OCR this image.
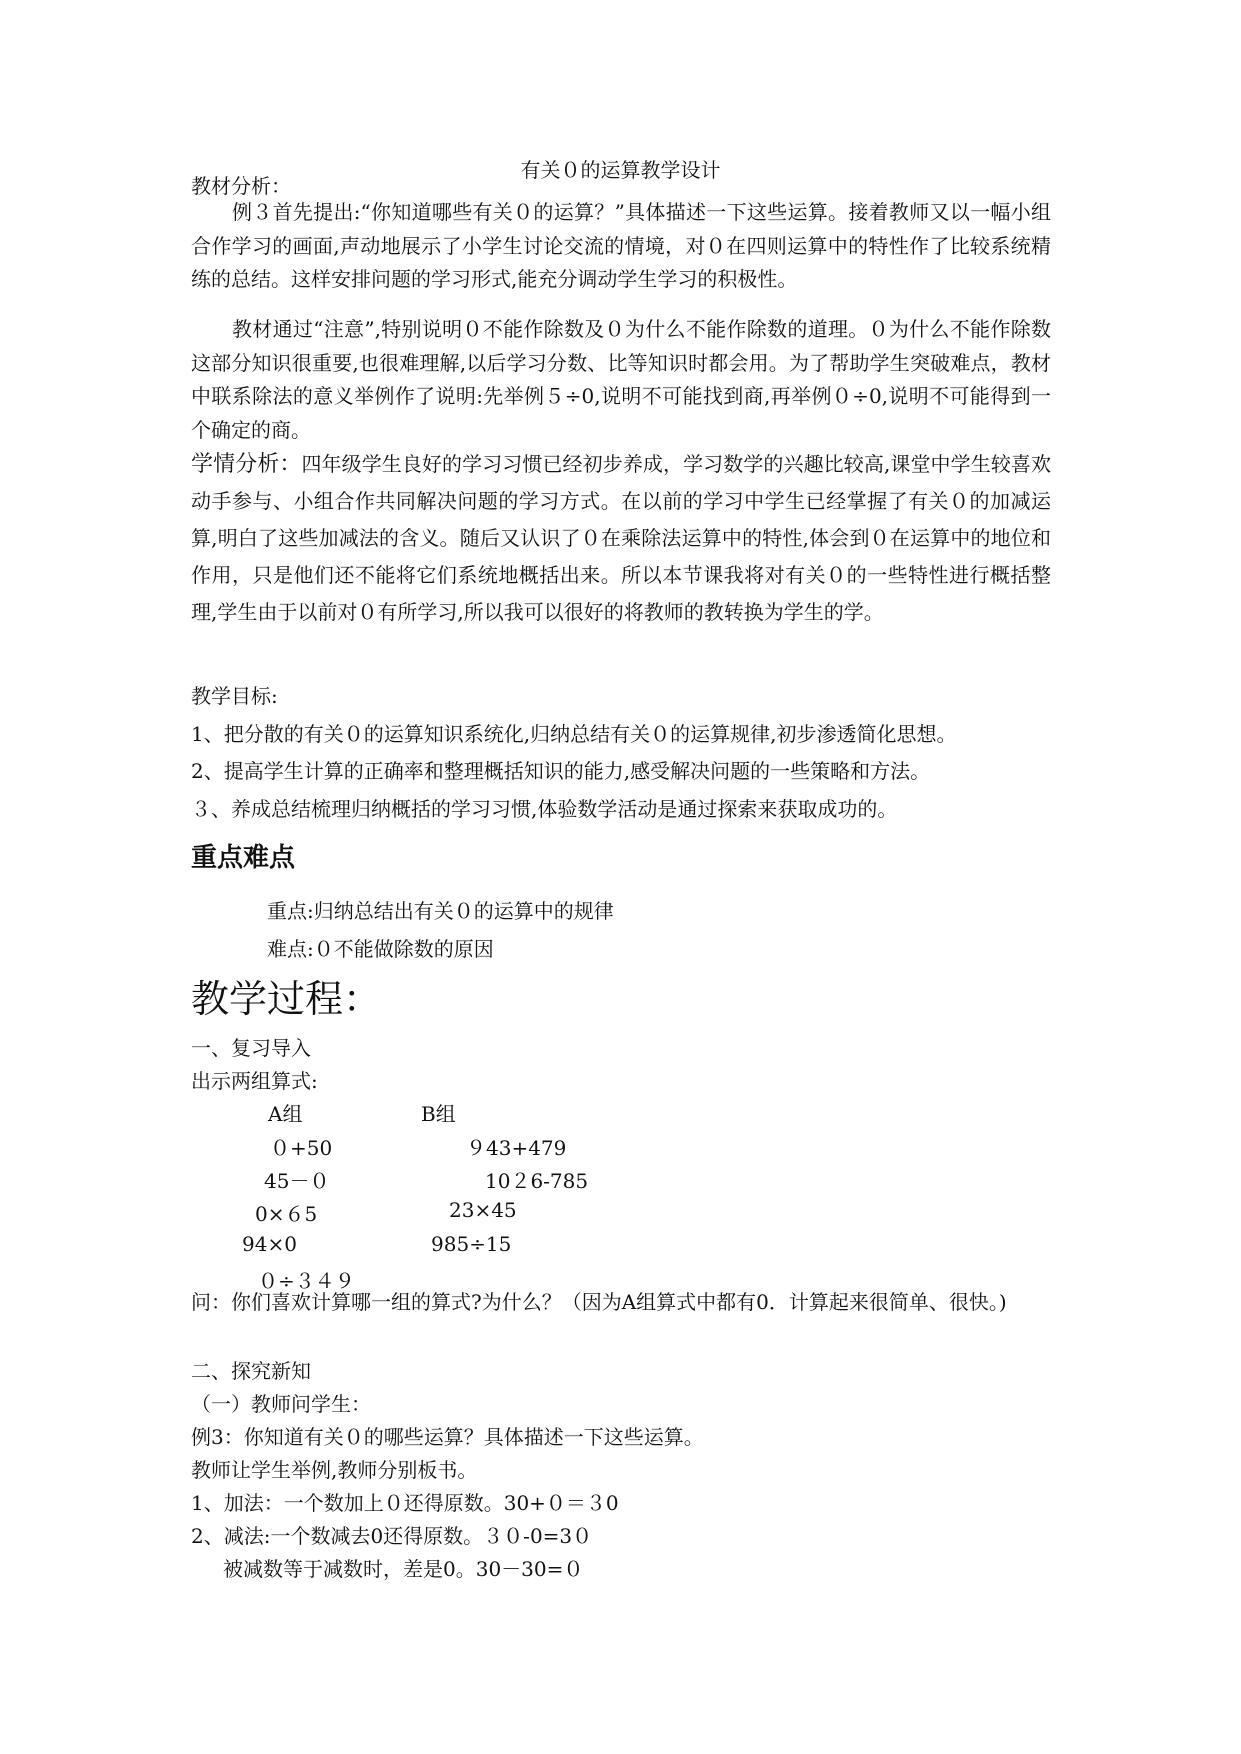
有关０的运算教学设计
教材分析：
例３首先提出:“你知道哪些有关０的运算？”具体描述一下这些运算。接着教师又以一幅小组合作学习的画面,声动地展示了小学生讨论交流的情境，对０在四则运算中的特性作了比较系统精练的总结。这样安排问题的学习形式,能充分调动学生学习的积极性。
教材通过“注意”,特别说明０不能作除数及０为什么不能作除数的道理。０为什么不能作除数这部分知识很重要,也很难理解,以后学习分数、比等知识时都会用。为了帮助学生突破难点，教材中联系除法的意义举例作了说明:先举例５÷0,说明不可能找到商,再举例０÷0,说明不可能得到一个确定的商。
学情分析：四年级学生良好的学习习惯已经初步养成，学习数学的兴趣比较高,课堂中学生较喜欢动手参与、小组合作共同解决问题的学习方式。在以前的学习中学生已经掌握了有关０的加减运算,明白了这些加减法的含义。随后又认识了０在乘除法运算中的特性,体会到０在运算中的地位和作用，只是他们还不能将它们系统地概括出来。所以本节课我将对有关０的一些特性进行概括整理,学生由于以前对０有所学习,所以我可以很好的将教师的教转换为学生的学。
教学目标:
1、把分散的有关０的运算知识系统化,归纳总结有关０的运算规律,初步渗透简化思想。
2、提高学生计算的正确率和整理概括知识的能力,感受解决问题的一些策略和方法。
３、养成总结梳理归纳概括的学习习惯,体验数学活动是通过探索来获取成功的。
重点难点
重点:归纳总结出有关０的运算中的规律
难点:０不能做除数的原因
教学过程：
一、复习导入
出示两组算式:
A组	B组
０+50
45－０
0×６5
94×0
０÷３４９
９43+479
10２6-785
23×45
985÷15
问：你们喜欢计算哪一组的算式?为什么？（因为A组算式中都有0．计算起来很简单、很快。)
二、探究新知
（一）教师问学生：
例3：你知道有关０的哪些运算？具体描述一下这些运算。
教师让学生举例,教师分别板书。
1、加法：一个数加上０还得原数。30+０＝３0
2、减法:一个数减去0还得原数。３０-0=3０
被减数等于减数时，差是0。30－30=０
